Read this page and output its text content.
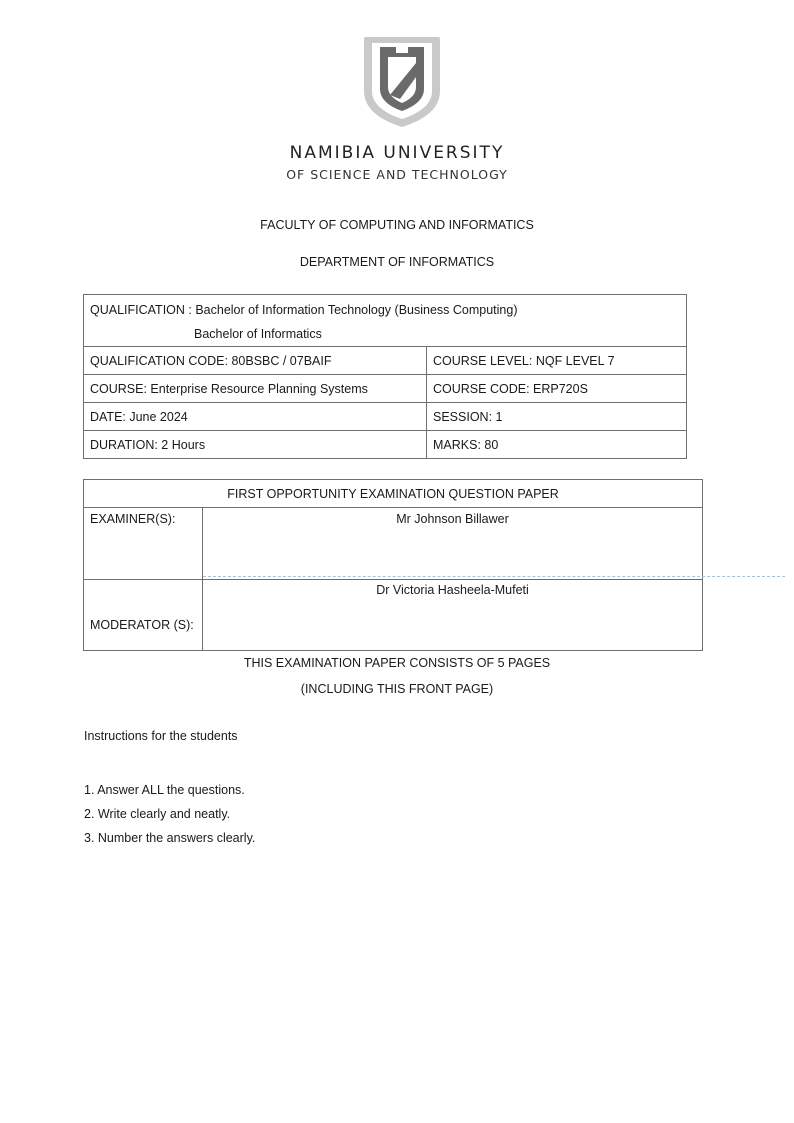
NAMIBIA UNIVERSITY
OF SCIENCE AND TECHNOLOGY
FACULTY OF COMPUTING AND INFORMATICS
DEPARTMENT OF INFORMATICS
QUALIFICATION : Bachelor of Information Technology (Business Computing)
Bachelor of Informatics	

QUALIFICATION CODE: 80BSBC / 07BAIF	COURSE LEVEL: NQF LEVEL 7
COURSE: Enterprise Resource Planning Systems	COURSE CODE: ERP720S
DATE: June 2024	SESSION: 1
DURATION: 2 Hours	MARKS: 80
FIRST OPPORTUNITY EXAMINATION QUESTION PAPER	
EXAMINER(S):	Mr Johnson Billawer
MODERATOR (S):	Dr Victoria Hasheela-Mufeti
THIS EXAMINATION PAPER CONSISTS OF 5 PAGES
(INCLUDING THIS FRONT PAGE)
Instructions for the students
1. Answer ALL the questions.
2. Write clearly and neatly.
3. Number the answers clearly.
